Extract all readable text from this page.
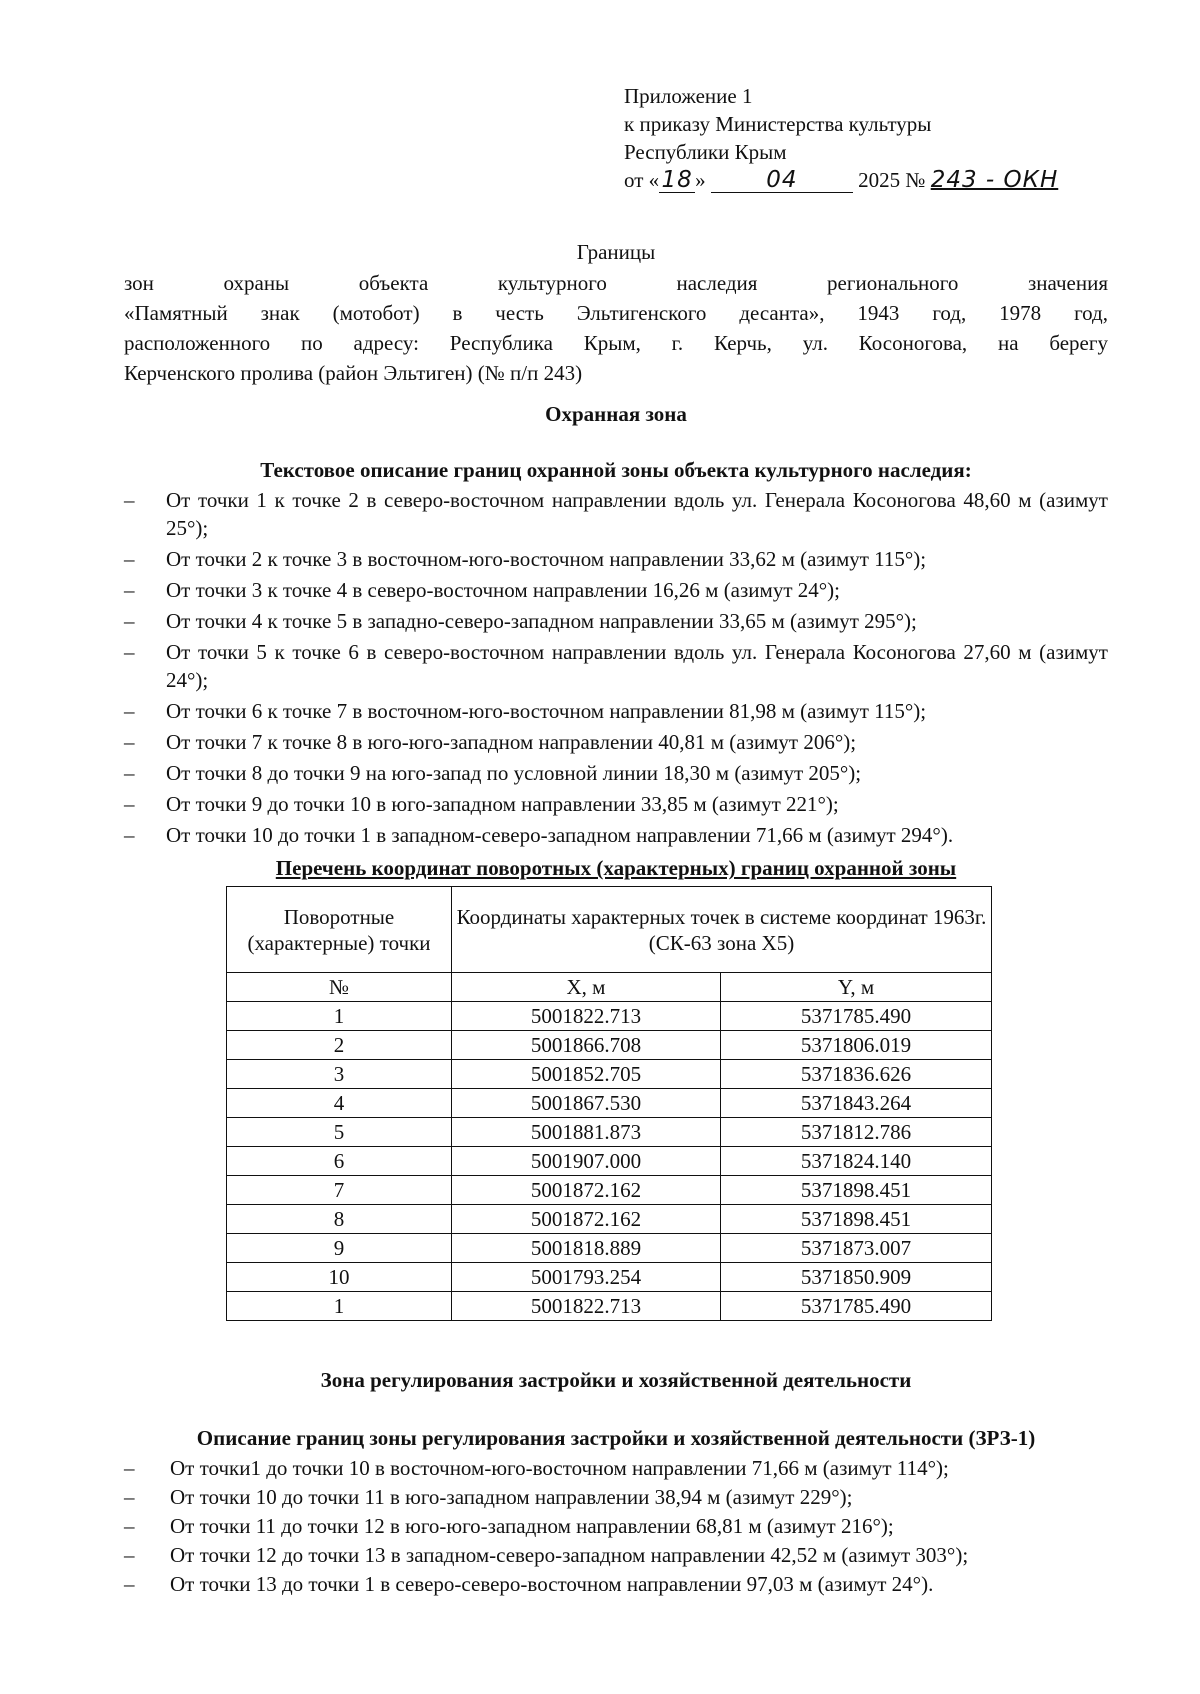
Приложение 1
к приказу Министерства культуры
Республики Крым
от « 18 »	04	2025 № 243 - ОКН
Границы
зон	охраны	объекта	культурного	наследия	регионального	значения
«Памятный знак (мотобот) в честь Эльтигенского десанта», 1943 год, 1978 год,
расположенного по адресу: Республика Крым, г. Керчь, ул. Косоногова, на берегу
Керченского пролива (район Эльтиген) (№ п/п 243)
Охранная зона
Текстовое описание границ охранной зоны объекта культурного наследия:
– От точки 1 к точке 2 в северо-восточном направлении вдоль ул. Генерала Косоногова 48,60 м (азимут 25°);
– От точки 2 к точке 3 в восточном-юго-восточном направлении 33,62 м (азимут 115°);
– От точки 3 к точке 4 в северо-восточном направлении 16,26 м (азимут 24°);
– От точки 4 к точке 5 в западно-северо-западном направлении 33,65 м (азимут 295°);
– От точки 5 к точке 6 в северо-восточном направлении вдоль ул. Генерала Косоногова 27,60 м (азимут 24°);
– От точки 6 к точке 7 в восточном-юго-восточном направлении 81,98 м (азимут 115°);
– От точки 7 к точке 8 в юго-юго-западном направлении 40,81 м (азимут 206°);
– От точки 8 до точки 9 на юго-запад по условной линии 18,30 м (азимут 205°);
– От точки 9 до точки 10 в юго-западном направлении 33,85 м (азимут 221°);
– От точки 10 до точки 1 в западном-северо-западном направлении 71,66 м (азимут 294°).
Перечень координат поворотных (характерных) границ охранной зоны
Поворотные (характерные) точки	Координаты характерных точек в системе координат 1963г. (СК-63 зона Х5)	
№	X, м	Y, м
1	5001822.713	5371785.490
2	5001866.708	5371806.019
3	5001852.705	5371836.626
4	5001867.530	5371843.264
5	5001881.873	5371812.786
6	5001907.000	5371824.140
7	5001872.162	5371898.451
8	5001872.162	5371898.451
9	5001818.889	5371873.007
10	5001793.254	5371850.909
1	5001822.713	5371785.490
Зона регулирования застройки и хозяйственной деятельности
Описание границ зоны регулирования застройки и хозяйственной деятельности (ЗРЗ-1)
– От точки1 до точки 10 в восточном-юго-восточном направлении 71,66 м (азимут 114°);
– От точки 10 до точки 11 в юго-западном направлении 38,94 м (азимут 229°);
– От точки 11 до точки 12 в юго-юго-западном направлении 68,81 м (азимут 216°);
– От точки 12 до точки 13 в западном-северо-западном направлении 42,52 м (азимут 303°);
– От точки 13 до точки 1 в северо-северо-восточном направлении 97,03 м (азимут 24°).
